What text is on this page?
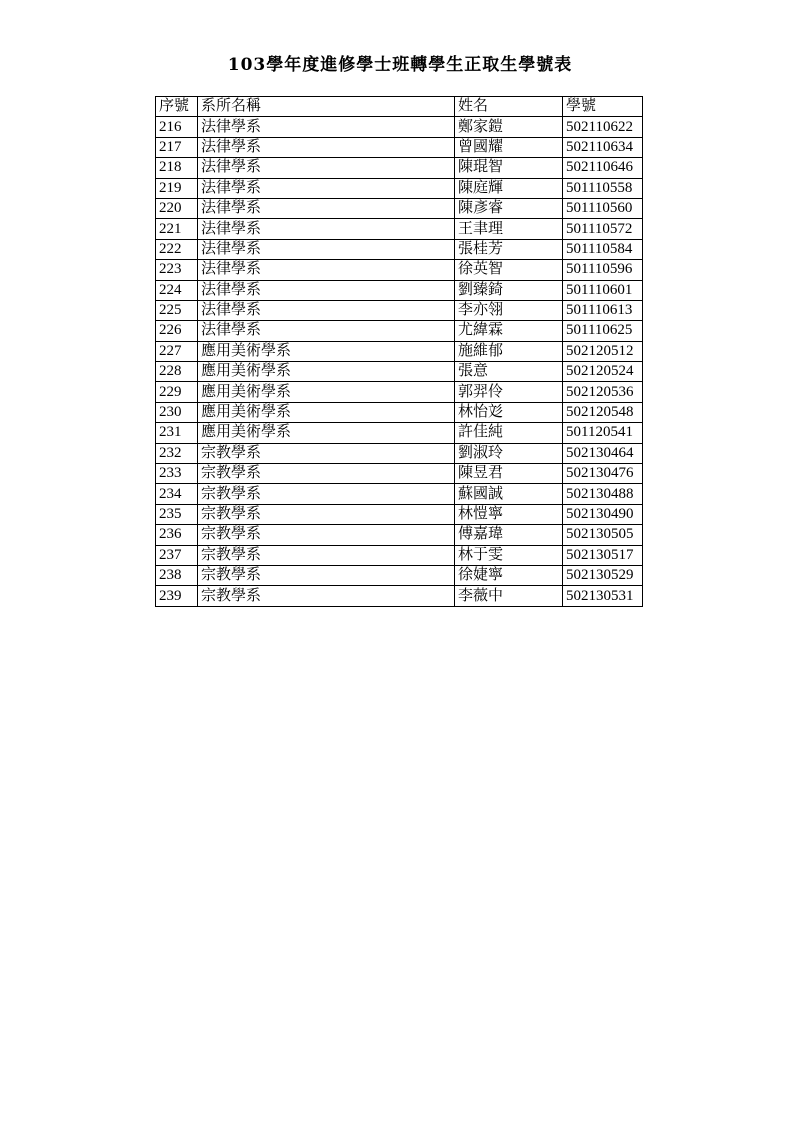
103學年度進修學士班轉學生正取生學號表
序號	系所名稱	姓名	學號
216	法律學系	鄭家鎧	502110622
217	法律學系	曾國耀	502110634
218	法律學系	陳琨智	502110646
219	法律學系	陳庭輝	501110558
220	法律學系	陳彥睿	501110560
221	法律學系	王聿理	501110572
222	法律學系	張桂芳	501110584
223	法律學系	徐英智	501110596
224	法律學系	劉臻錡	501110601
225	法律學系	李亦翎	501110613
226	法律學系	尤緯霖	501110625
227	應用美術學系	施維郁	502120512
228	應用美術學系	張意	502120524
229	應用美術學系	郭羿伶	502120536
230	應用美術學系	林怡彣	502120548
231	應用美術學系	許佳純	501120541
232	宗教學系	劉淑玲	502130464
233	宗教學系	陳昱君	502130476
234	宗教學系	蘇國誠	502130488
235	宗教學系	林愷寧	502130490
236	宗教學系	傅嘉瑋	502130505
237	宗教學系	林于雯	502130517
238	宗教學系	徐婕寧	502130529
239	宗教學系	李薇中	502130531
